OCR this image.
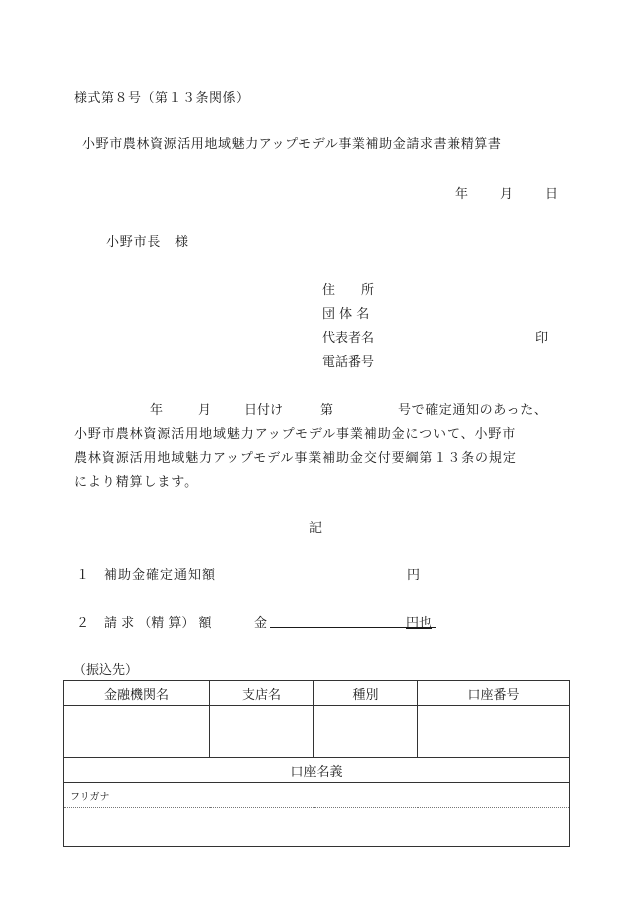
様式第８号（第１３条関係）
小野市農林資源活用地域魅力アップモデル事業補助金請求書兼精算書
年 月 日
小野市長　様
住　　所
団 体 名
代表者名	印
電話番号
年	月	日付け	第	号で確定通知のあった、
小野市農林資源活用地域魅力アップモデル事業補助金について、小野市
農林資源活用地域魅力アップモデル事業補助金交付要綱第１３条の規定
により精算します。
記
１ 補助金確定通知額	円
２ 請 求 （精 算） 額	金	円也
（振込先）
金融機関名	支店名	種別	口座番号

口座名義			
フリガナ			
